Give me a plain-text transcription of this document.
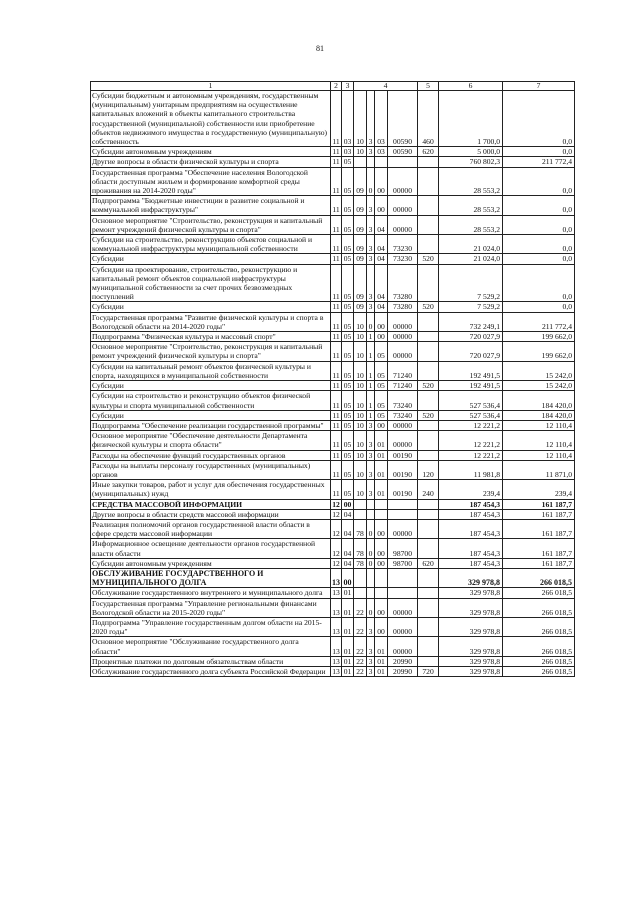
81
1	2	3	4				5	6	7
Субсидии бюджетным и автономным учреждениям, государственным (муниципальным) унитарным предприятиям на осуществление капитальных вложений в объекты капитального строительства государственной (муниципальной) собственности или приобретение объектов недвижимого имущества в государственную (муниципальную) собственность	11	03	10	3	03	00590	460	1 700,0	0,0
Субсидии автономным учреждениям	11	03	10	3	03	00590	620	5 000,0	0,0
Другие вопросы в области физической культуры и спорта	11	05						760 802,3	211 772,4
Государственная программа "Обеспечение населения Вологодской области доступным жильем и формирование комфортной среды проживания на 2014-2020 годы"	11	05	09	0	00	00000		28 553,2	0,0
Подпрограмма "Бюджетные инвестиции в развитие социальной и коммунальной инфраструктуры"	11	05	09	3	00	00000		28 553,2	0,0
Основное мероприятие "Строительство, реконструкция и капитальный ремонт учреждений физической культуры и спорта"	11	05	09	3	04	00000		28 553,2	0,0
Субсидии на строительство, реконструкцию объектов социальной и коммунальной инфраструктуры муниципальной собственности	11	05	09	3	04	73230		21 024,0	0,0
Субсидии	11	05	09	3	04	73230	520	21 024,0	0,0
Субсидии на проектирование, строительство, реконструкцию и капитальный ремонт объектов социальной инфраструктуры муниципальной собственности за счет прочих безвозмездных поступлений	11	05	09	3	04	73280		7 529,2	0,0
Субсидии	11	05	09	3	04	73280	520	7 529,2	0,0
Государственная программа "Развитие физической культуры и спорта в Вологодской области на 2014-2020 годы"	11	05	10	0	00	00000		732 249,1	211 772,4
Подпрограмма "Физическая культура и массовый спорт"	11	05	10	1	00	00000		720 027,9	199 662,0
Основное мероприятие "Строительство, реконструкция и капитальный ремонт учреждений физической культуры и спорта"	11	05	10	1	05	00000		720 027,9	199 662,0
Субсидии на капитальный ремонт объектов физической культуры и спорта, находящихся в муниципальной собственности	11	05	10	1	05	71240		192 491,5	15 242,0
Субсидии	11	05	10	1	05	71240	520	192 491,5	15 242,0
Субсидии на строительство и реконструкцию объектов физической культуры и спорта муниципальной собственности	11	05	10	1	05	73240		527 536,4	184 420,0
Субсидии	11	05	10	1	05	73240	520	527 536,4	184 420,0
Подпрограмма "Обеспечение реализации государственной программы"	11	05	10	3	00	00000		12 221,2	12 110,4
Основное мероприятие "Обеспечение деятельности Департамента физической культуры и спорта области"	11	05	10	3	01	00000		12 221,2	12 110,4
Расходы на обеспечение функций государственных органов	11	05	10	3	01	00190		12 221,2	12 110,4
Расходы на выплаты персоналу государственных (муниципальных) органов	11	05	10	3	01	00190	120	11 981,8	11 871,0
Иные закупки товаров, работ и услуг для обеспечения государственных (муниципальных) нужд	11	05	10	3	01	00190	240	239,4	239,4
СРЕДСТВА МАССОВОЙ ИНФОРМАЦИИ	12	00						187 454,3	161 187,7
Другие вопросы в области средств массовой информации	12	04						187 454,3	161 187,7
Реализация полномочий органов государственной власти области в сфере средств массовой информации	12	04	78	0	00	00000		187 454,3	161 187,7
Информационное освещение деятельности органов государственной власти области	12	04	78	0	00	98700		187 454,3	161 187,7
Субсидии автономным учреждениям	12	04	78	0	00	98700	620	187 454,3	161 187,7
ОБСЛУЖИВАНИЕ ГОСУДАРСТВЕННОГО И МУНИЦИПАЛЬНОГО ДОЛГА	13	00						329 978,8	266 018,5
Обслуживание государственного внутреннего и муниципального долга	13	01						329 978,8	266 018,5
Государственная программа "Управление региональными финансами Вологодской области на 2015-2020 годы"	13	01	22	0	00	00000		329 978,8	266 018,5
Подпрограмма "Управление государственным долгом области на 2015-2020 годы"	13	01	22	3	00	00000		329 978,8	266 018,5
Основное мероприятие "Обслуживание государственного долга области"	13	01	22	3	01	00000		329 978,8	266 018,5
Процентные платежи по долговым обязательствам области	13	01	22	3	01	20990		329 978,8	266 018,5
Обслуживание государственного долга субъекта Российской Федерации	13	01	22	3	01	20990	720	329 978,8	266 018,5
